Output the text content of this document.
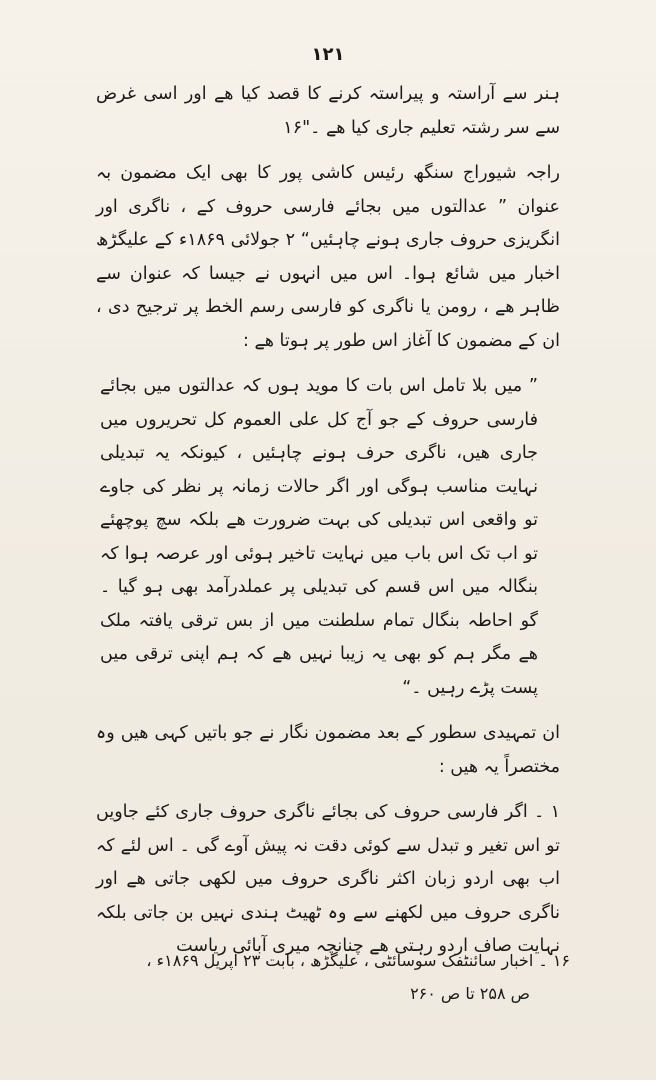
۱۲۱

ہنر سے آراستہ و پیراستہ کرنے کا قصد کیا ھے اور اسی غرض سے سر رشتہ تعلیم جاری کیا ھے ۔"۱۶

راجہ شیوراج سنگھ رئیس کاشی پور کا بھی ایک مضمون بہ عنوان ” عدالتوں میں بجائے فارسی حروف کے ، ناگری اور انگریزی حروف جاری ہونے چاہئیں“ ۲ جولائی ۱۸۶۹ء کے علیگڑھ اخبار میں شائع ہوا۔ اس میں انہوں نے جیسا کہ عنوان سے ظاہر ھے ، رومن یا ناگری کو فارسی رسم الخط پر ترجیح دی ، ان کے مضمون کا آغاز اس طور پر ہوتا ھے :

” میں بلا تامل اس بات کا موید ہوں کہ عدالتوں میں بجائے فارسی حروف کے جو آج کل علی العموم کل تحریروں میں جاری ھیں، ناگری حرف ہونے چاہئیں ، کیونکہ یہ تبدیلی نہایت مناسب ہوگی اور اگر حالات زمانہ پر نظر کی جاوے تو واقعی اس تبدیلی کی بہت ضرورت ھے بلکہ سچ پوچھئے تو اب تک اس باب میں نہایت تاخیر ہوئی اور عرصہ ہوا کہ بنگالہ میں اس قسم کی تبدیلی پر عملدرآمد بھی ہو گیا ۔ گو احاطہ بنگال تمام سلطنت میں از بس ترقی یافتہ ملک ھے مگر ہم کو بھی یہ زیبا نہیں ھے کہ ہم اپنی ترقی میں پست پڑے رہیں ۔“

ان تمہیدی سطور کے بعد مضمون نگار نے جو باتیں کہی ھیں وہ مختصراً یہ ھیں :

۱ ۔ اگر فارسی حروف کی بجائے ناگری حروف جاری کئے جاویں تو اس تغیر و تبدل سے کوئی دقت نہ پیش آوے گی ۔ اس لئے کہ اب بھی اردو زبان اکثر ناگری حروف میں لکھی جاتی ھے اور ناگری حروف میں لکھنے سے وہ ٹھیٹ ہندی نہیں بن جاتی بلکہ نہایت صاف اردو رہتی ھے چنانچہ میری آبائی ریاست

۱۶ ۔ اخبار سائنٹفک سوسائٹی ، علیگڑھ ، بابت ۲۳ اپریل ۱۸۶۹ء ،

ص ۲۵۸ تا ص ۲۶۰
